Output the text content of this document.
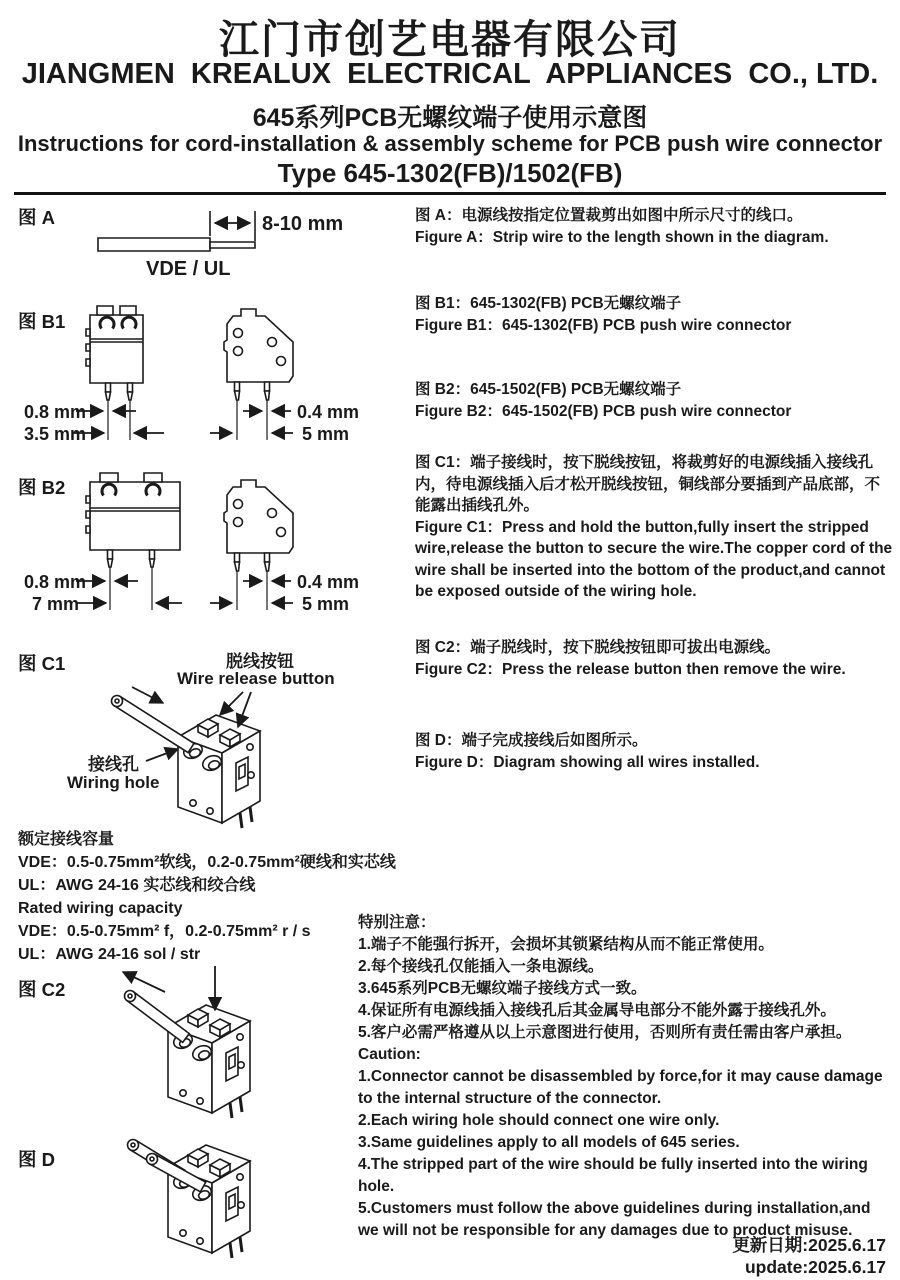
江门市创艺电器有限公司
JIANGMEN  KREALUX  ELECTRICAL  APPLIANCES  CO., LTD.
645系列PCB无螺纹端子使用示意图
Instructions for cord-installation & assembly scheme for PCB push wire connector
Type 645-1302(FB)/1502(FB)
图 A
图 B1
图 B2
图 C1
图 C2
图 D
8-10 mm
VDE / UL
0.8 mm
3.5 mm
0.4 mm
5 mm
0.8 mm
7 mm
0.4 mm
5 mm
脱线按钮
Wire release button
接线孔
Wiring hole
额定接线容量
VDE：0.5-0.75mm²软线，0.2-0.75mm²硬线和实芯线
UL：AWG 24-16 实芯线和绞合线
Rated wiring capacity
VDE：0.5-0.75mm² f，0.2-0.75mm² r / s
UL：AWG 24-16 sol / str
图 A：电源线按指定位置裁剪出如图中所示尺寸的线口。
Figure A：Strip wire to the length shown in the diagram.
图 B1：645-1302(FB) PCB无螺纹端子
Figure B1：645-1302(FB) PCB push wire connector
图 B2：645-1502(FB) PCB无螺纹端子
Figure B2：645-1502(FB) PCB push wire connector
图 C1：端子接线时，按下脱线按钮，将裁剪好的电源线插入接线孔内，待电源线插入后才松开脱线按钮，铜线部分要插到产品底部，不能露出插线孔外。
Figure C1：Press and hold the button,fully insert the stripped wire,release the button to secure the wire.The copper cord of the wire shall be inserted into the bottom of the product,and cannot be exposed outside of the wiring hole.
图 C2：端子脱线时，按下脱线按钮即可拔出电源线。
Figure C2：Press the release button then remove the wire.
图 D：端子完成接线后如图所示。
Figure D：Diagram showing all wires installed.
特别注意：
1.端子不能强行拆开，会损坏其锁紧结构从而不能正常使用。
2.每个接线孔仅能插入一条电源线。
3.645系列PCB无螺纹端子接线方式一致。
4.保证所有电源线插入接线孔后其金属导电部分不能外露于接线孔外。
5.客户必需严格遵从以上示意图进行使用，否则所有责任需由客户承担。
Caution:
1.Connector cannot be disassembled by force,for it may cause damage to the internal structure of the connector.
2.Each wiring hole should connect one wire only.
3.Same guidelines apply to all models of 645 series.
4.The stripped part of the wire should be fully inserted into the wiring hole.
5.Customers must follow the above guidelines during installation,and we will not be responsible for any damages due to product misuse.
更新日期:2025.6.17
update:2025.6.17
